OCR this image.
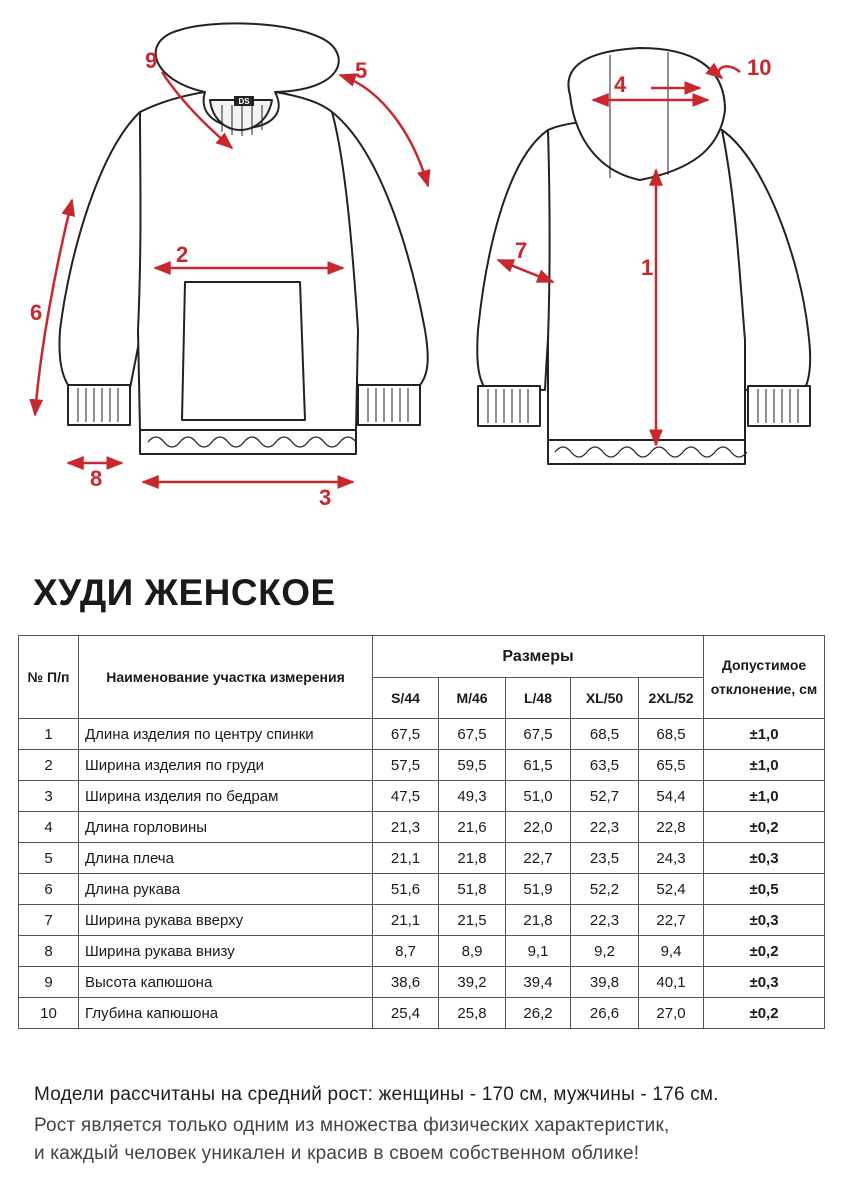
DS
1
2
3
4
5
6
7
8
9	10
ХУДИ ЖЕНСКОЕ
№ П/п	Наименование участка измерения	Размеры					Допустимое отклонение, см
		S/44	M/46	L/48	XL/50	2XL/52	
1	Длина изделия по центру спинки	67,5	67,5	67,5	68,5	68,5	±1,0
2	Ширина изделия по груди	57,5	59,5	61,5	63,5	65,5	±1,0
3	Ширина изделия по бедрам	47,5	49,3	51,0	52,7	54,4	±1,0
4	Длина горловины	21,3	21,6	22,0	22,3	22,8	±0,2
5	Длина плеча	21,1	21,8	22,7	23,5	24,3	±0,3
6	Длина рукава	51,6	51,8	51,9	52,2	52,4	±0,5
7	Ширина рукава вверху	21,1	21,5	21,8	22,3	22,7	±0,3
8	Ширина рукава внизу	8,7	8,9	9,1	9,2	9,4	±0,2
9	Высота капюшона	38,6	39,2	39,4	39,8	40,1	±0,3
10	Глубина капюшона	25,4	25,8	26,2	26,6	27,0	±0,2

Модели рассчитаны на средний рост: женщины - 170 см, мужчины - 176 см.

Рост является только одним из множества физических характеристик,

и каждый человек уникален и красив в своем собственном облике!
